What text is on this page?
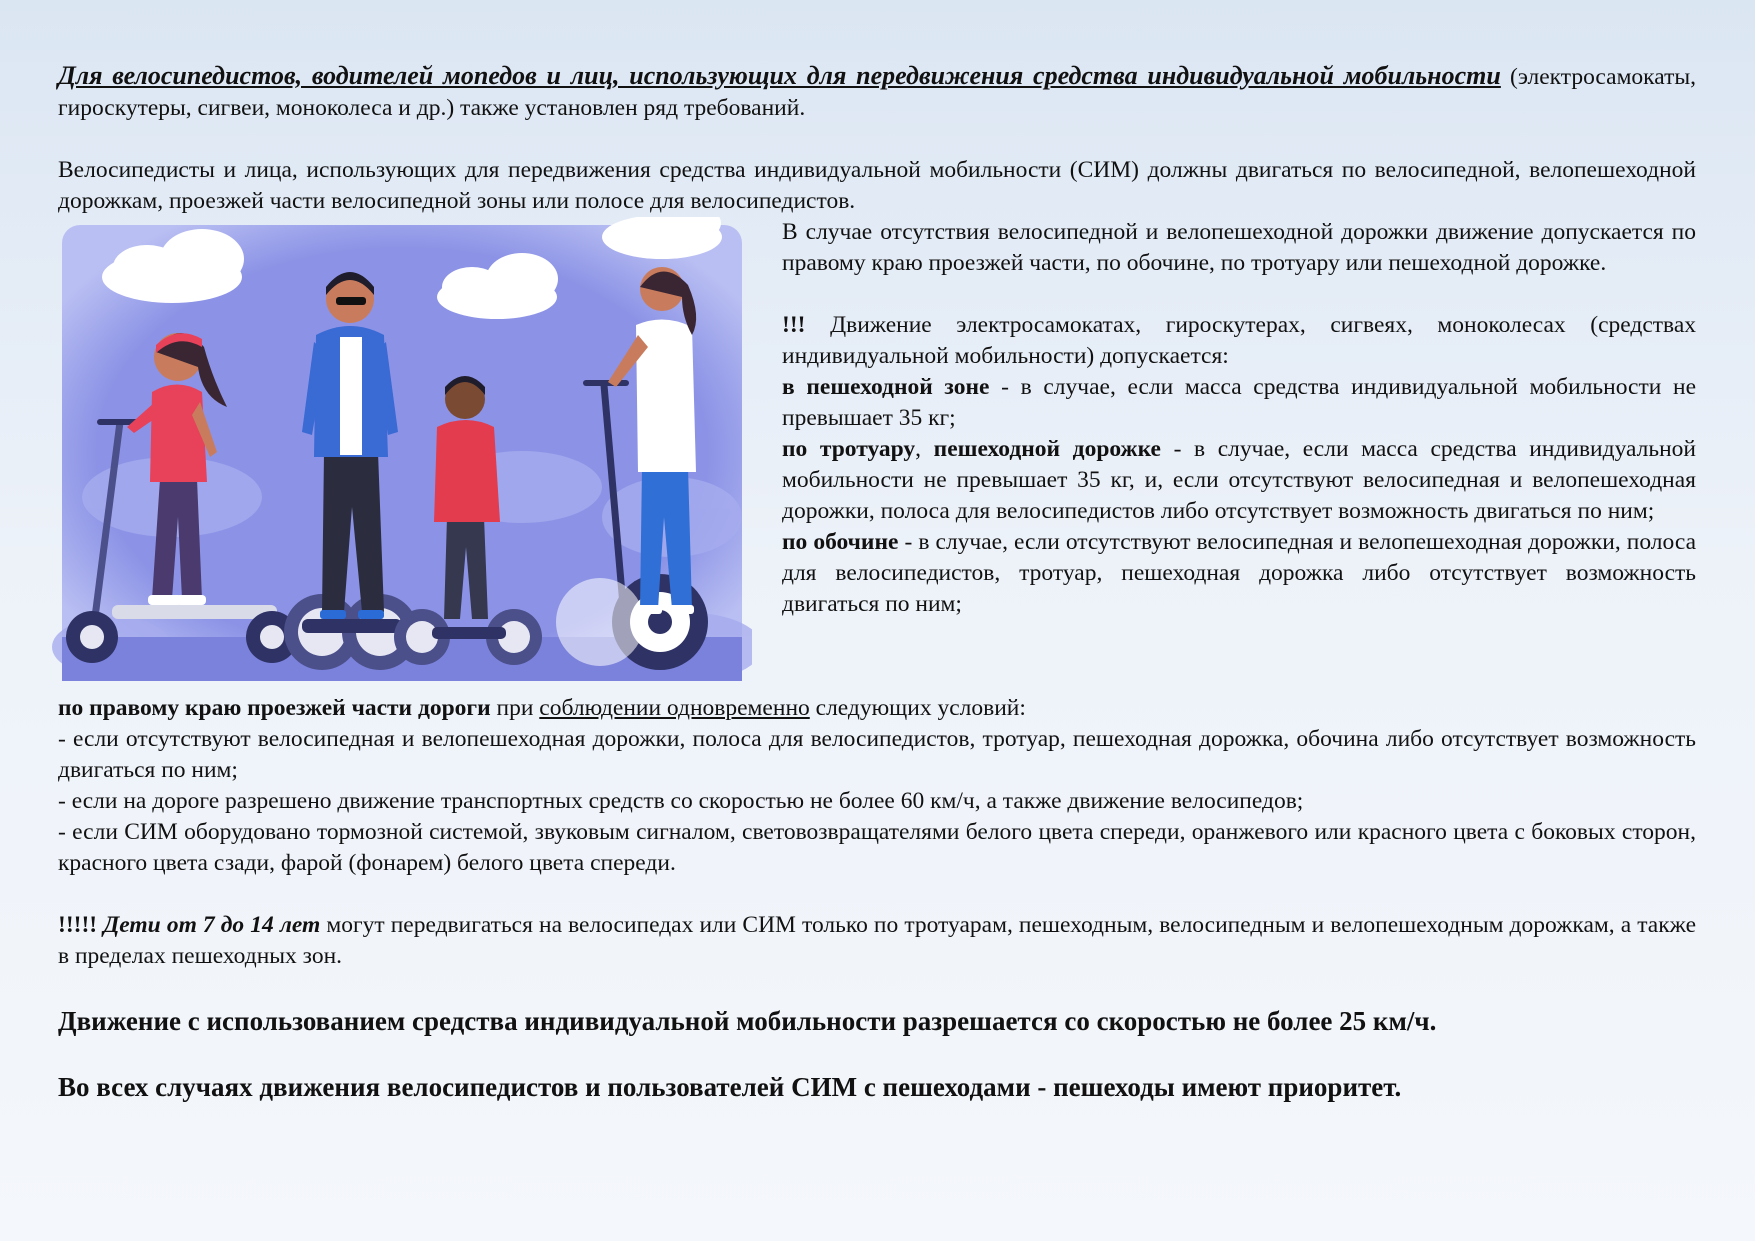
Для велосипедистов, водителей мопедов и лиц, использующих для передвижения средства индивидуальной мобильности (электросамокаты, гироскутеры, сигвеи, моноколеса и др.) также установлен ряд требований.

Велосипедисты и лица, использующих для передвижения средства индивидуальной мобильности (СИМ) должны двигаться по велосипедной, велопешеходной дорожкам, проезжей части велосипедной зоны или полосе для велосипедистов.

В случае отсутствия велосипедной и велопешеходной дорожки движение допускается по правому краю проезжей части, по обочине, по тротуару или пешеходной дорожке.

!!! Движение электросамокатах, гироскутерах, сигвеях, моноколесах (средствах индивидуальной мобильности) допускается:

в пешеходной зоне - в случае, если масса средства индивидуальной мобильности не превышает 35 кг;

по тротуару, пешеходной дорожке - в случае, если масса средства индивидуальной мобильности не превышает 35 кг, и, если отсутствуют велосипедная и велопешеходная дорожки, полоса для велосипедистов либо отсутствует возможность двигаться по ним;

по обочине - в случае, если отсутствуют велосипедная и велопешеходная дорожки, полоса для велосипедистов, тротуар, пешеходная дорожка либо отсутствует возможность двигаться по ним;

по правому краю проезжей части дороги при соблюдении одновременно следующих условий:

- если отсутствуют велосипедная и велопешеходная дорожки, полоса для велосипедистов, тротуар, пешеходная дорожка, обочина либо отсутствует возможность двигаться по ним;

- если на дороге разрешено движение транспортных средств со скоростью не более 60 км/ч, а также движение велосипедов;

- если СИМ оборудовано тормозной системой, звуковым сигналом, световозвращателями белого цвета спереди, оранжевого или красного цвета с боковых сторон, красного цвета сзади, фарой (фонарем) белого цвета спереди.

!!!!! Дети от 7 до 14 лет могут передвигаться на велосипедах или СИМ только по тротуарам, пешеходным, велосипедным и велопешеходным дорожкам, а также в пределах пешеходных зон.

Движение с использованием средства индивидуальной мобильности разрешается со скоростью не более 25 км/ч.

Во всех случаях движения велосипедистов и пользователей СИМ с пешеходами - пешеходы имеют приоритет.
